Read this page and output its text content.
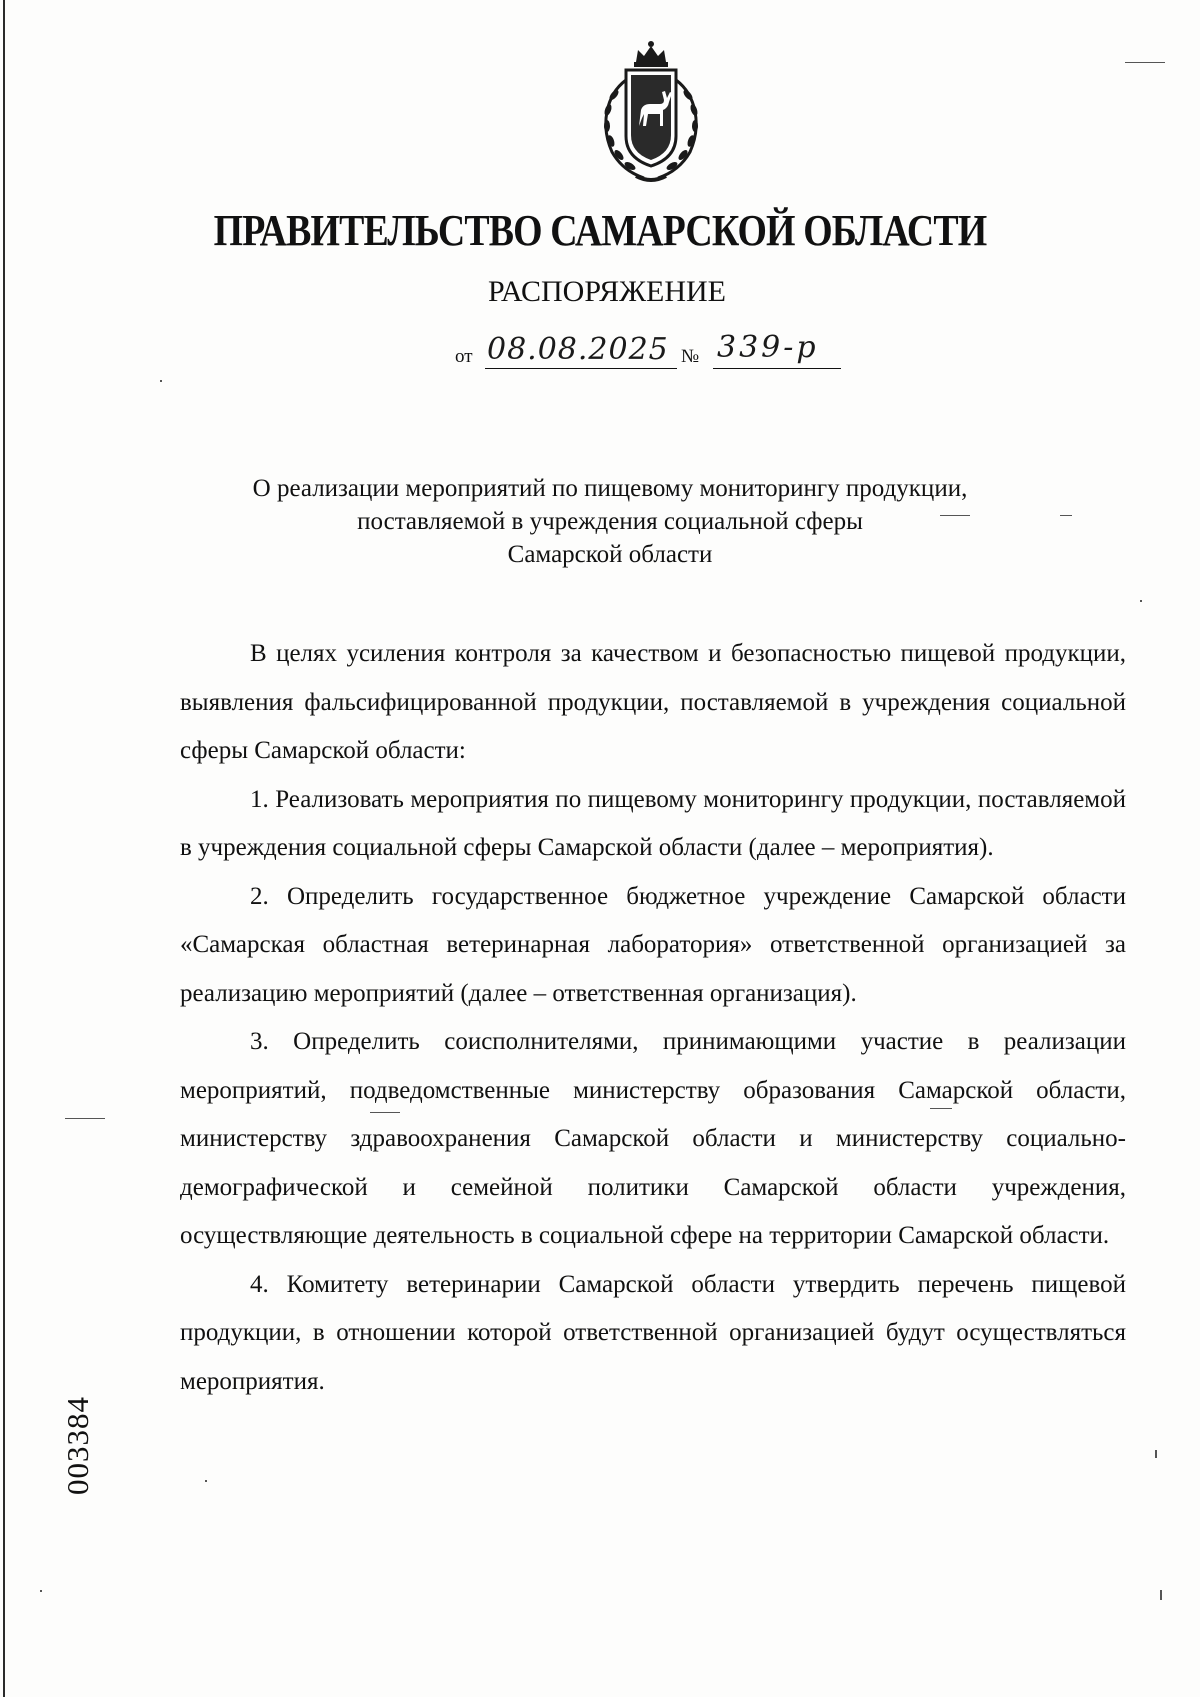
ПРАВИТЕЛЬСТВО САМАРСКОЙ ОБЛАСТИ
РАСПОРЯЖЕНИЕ
от 08.08.2025 № 339-р
О реализации мероприятий по пищевому мониторингу продукции,
поставляемой в учреждения социальной сферы
Самарской области

В целях усиления контроля за качеством и безопасностью пищевой продукции, выявления фальсифицированной продукции, поставляемой в учреждения социальной сферы Самарской области:

1. Реализовать мероприятия по пищевому мониторингу продукции, поставляемой в учреждения социальной сферы Самарской области (далее – мероприятия).

2. Определить государственное бюджетное учреждение Самарской области «Самарская областная ветеринарная лаборатория» ответственной организацией за реализацию мероприятий (далее – ответственная организация).

3. Определить соисполнителями, принимающими участие в реализации мероприятий, подведомственные министерству образования Самарской области, министерству здравоохранения Самарской области и министерству социально-демографической и семейной политики Самарской области учреждения, осуществляющие деятельность в социальной сфере на территории Самарской области.

4. Комитету ветеринарии Самарской области утвердить перечень пищевой продукции, в отношении которой ответственной организацией будут осуществляться мероприятия.

003384
